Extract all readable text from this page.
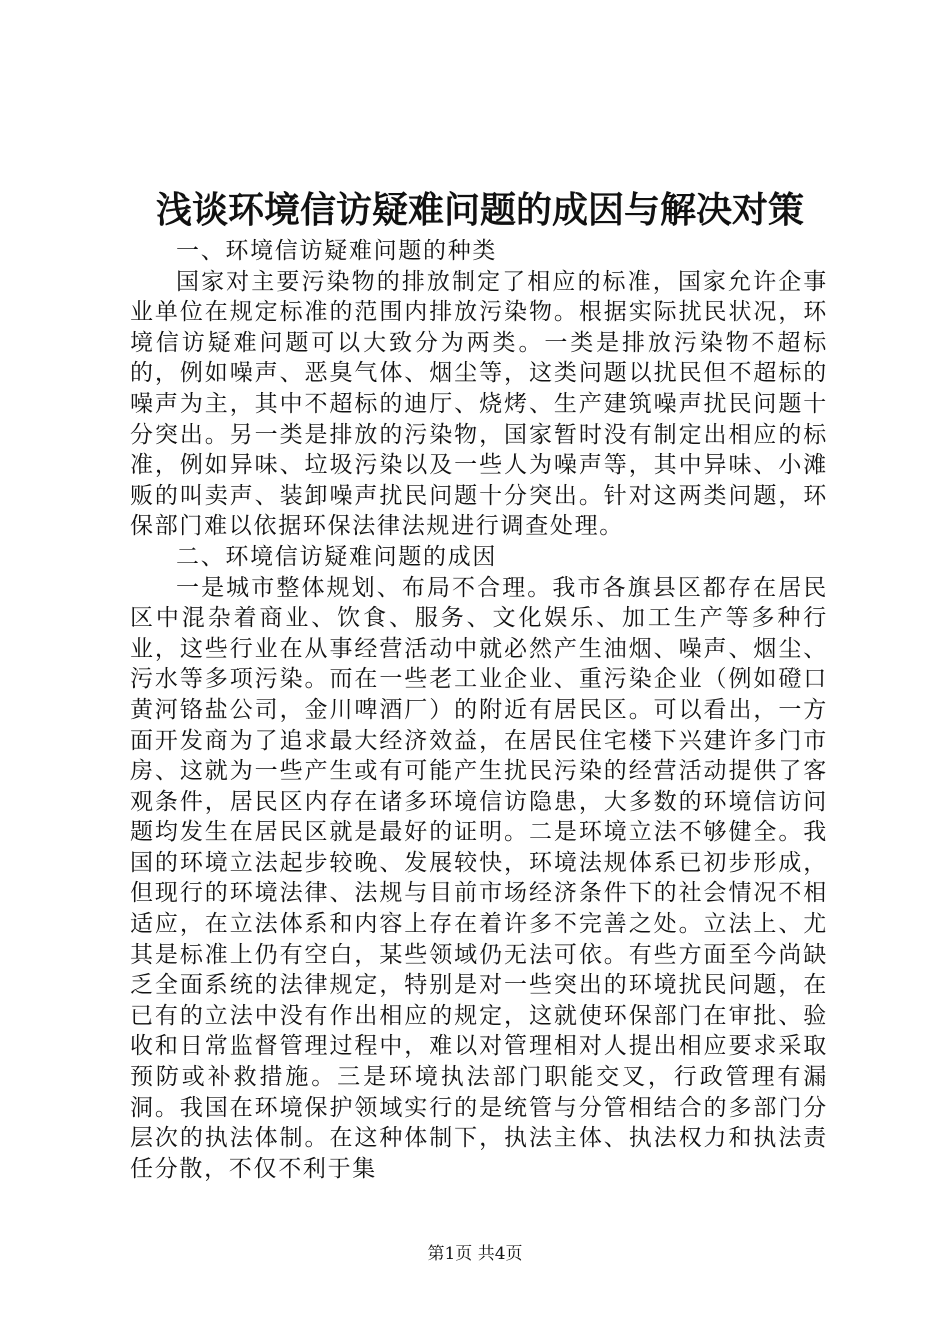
浅谈环境信访疑难问题的成因与解决对策

一、环境信访疑难问题的种类

国家对主要污染物的排放制定了相应的标准，国家允许企事业单位在规定标准的范围内排放污染物。根据实际扰民状况，环境信访疑难问题可以大致分为两类。一类是排放污染物不超标的，例如噪声、恶臭气体、烟尘等，这类问题以扰民但不超标的噪声为主，其中不超标的迪厅、烧烤、生产建筑噪声扰民问题十分突出。另一类是排放的污染物，国家暂时没有制定出相应的标准，例如异味、垃圾污染以及一些人为噪声等，其中异味、小滩贩的叫卖声、装卸噪声扰民问题十分突出。针对这两类问题，环保部门难以依据环保法律法规进行调查处理。

二、环境信访疑难问题的成因

一是城市整体规划、布局不合理。我市各旗县区都存在居民区中混杂着商业、饮食、服务、文化娱乐、加工生产等多种行业，这些行业在从事经营活动中就必然产生油烟、噪声、烟尘、污水等多项污染。而在一些老工业企业、重污染企业（例如磴口黄河铬盐公司，金川啤酒厂）的附近有居民区。可以看出，一方面开发商为了追求最大经济效益，在居民住宅楼下兴建许多门市房、这就为一些产生或有可能产生扰民污染的经营活动提供了客观条件，居民区内存在诸多环境信访隐患，大多数的环境信访问题均发生在居民区就是最好的证明。二是环境立法不够健全。我国的环境立法起步较晚、发展较快，环境法规体系已初步形成，但现行的环境法律、法规与目前市场经济条件下的社会情况不相适应，在立法体系和内容上存在着许多不完善之处。立法上、尤其是标准上仍有空白，某些领域仍无法可依。有些方面至今尚缺乏全面系统的法律规定，特别是对一些突出的环境扰民问题，在已有的立法中没有作出相应的规定，这就使环保部门在审批、验收和日常监督管理过程中，难以对管理相对人提出相应要求采取预防或补救措施。三是环境执法部门职能交叉，行政管理有漏洞。我国在环境保护领域实行的是统管与分管相结合的多部门分层次的执法体制。在这种体制下，执法主体、执法权力和执法责任分散，不仅不利于集

第1页 共4页
